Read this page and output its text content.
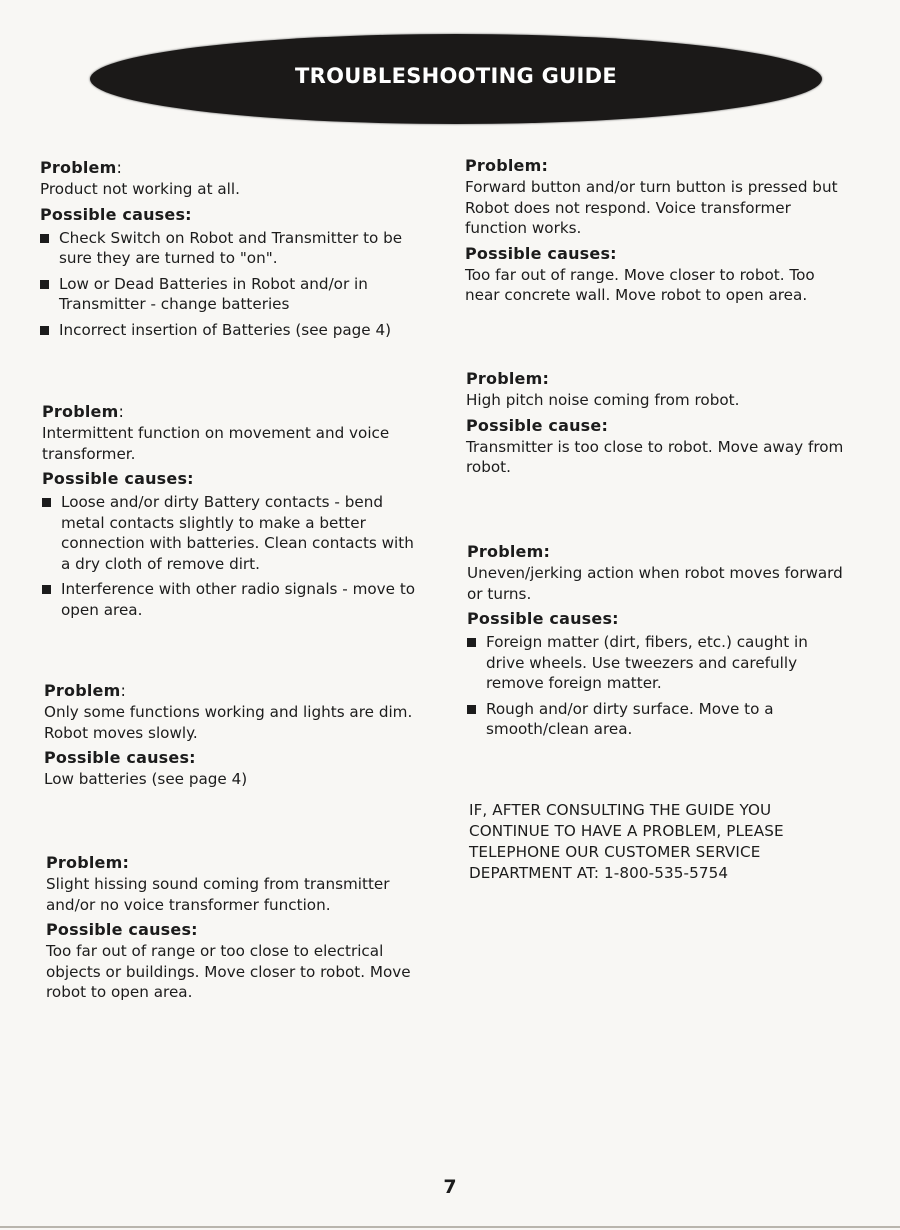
TROUBLESHOOTING GUIDE
Problem:

Product not working at all.

Possible causes:
Check Switch on Robot and Transmitter to be sure they are turned to "on".
Low or Dead Batteries in Robot and/or in Transmitter - change batteries
Incorrect insertion of Batteries (see page 4)
Problem:

Intermittent function on movement and voice transformer.

Possible causes:
Loose and/or dirty Battery contacts - bend metal contacts slightly to make a better connection with batteries. Clean contacts with a dry cloth of remove dirt.
Interference with other radio signals - move to open area.
Problem:

Only some functions working and lights are dim. Robot moves slowly.

Possible causes:

Low batteries (see page 4)

Problem:

Slight hissing sound coming from transmitter and/or no voice transformer function.

Possible causes:

Too far out of range or too close to electrical objects or buildings. Move closer to robot. Move robot to open area.

Problem:

Forward button and/or turn button is pressed but Robot does not respond. Voice transformer function works.

Possible causes:

Too far out of range. Move closer to robot. Too near concrete wall. Move robot to open area.

Problem:

High pitch noise coming from robot.

Possible cause:

Transmitter is too close to robot. Move away from robot.

Problem:

Uneven/jerking action when robot moves forward or turns.

Possible causes:
Foreign matter (dirt, fibers, etc.) caught in drive wheels. Use tweezers and carefully remove foreign matter.
Rough and/or dirty surface. Move to a smooth/clean area.
IF, AFTER CONSULTING THE GUIDE YOU CONTINUE TO HAVE A PROBLEM, PLEASE TELEPHONE OUR CUSTOMER SERVICE DEPARTMENT AT: 1-800-535-5754
7
